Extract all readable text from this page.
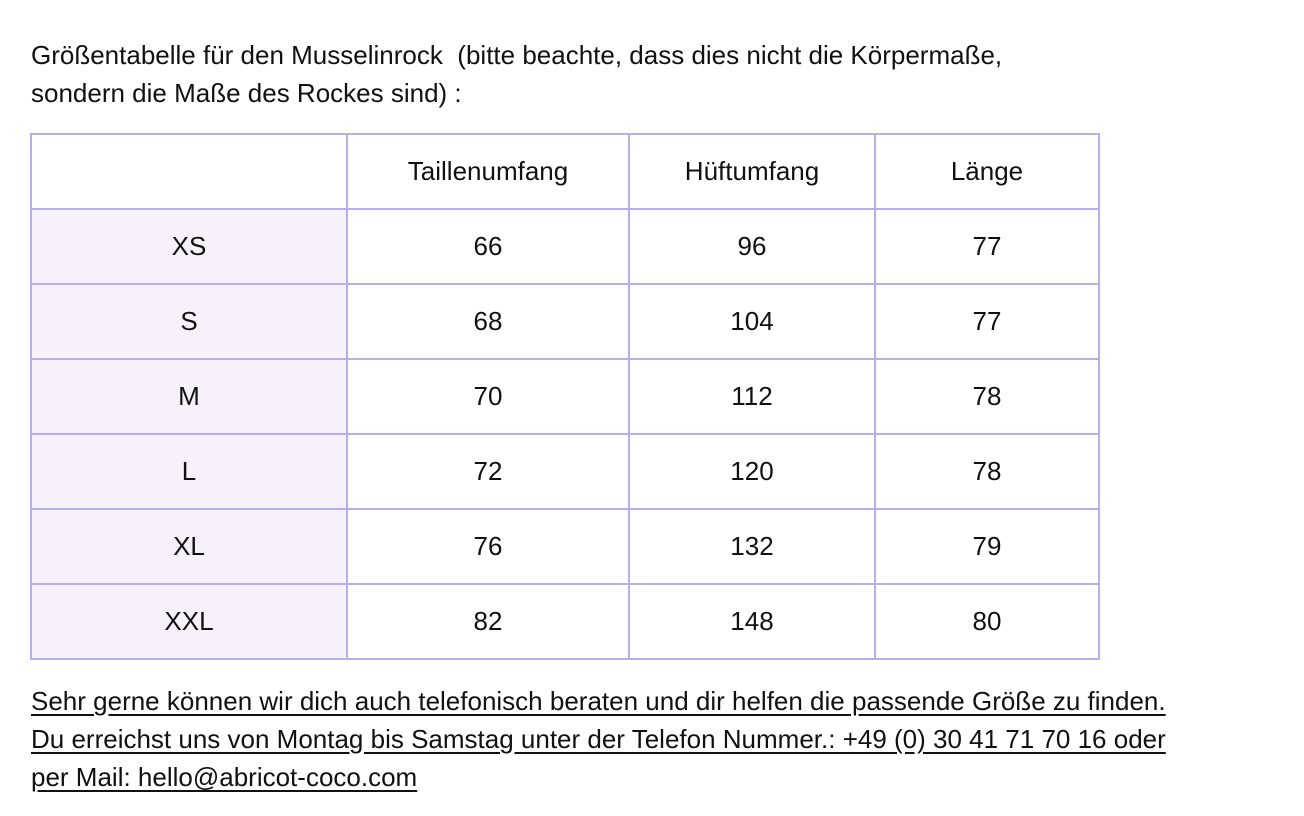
Größentabelle für den Musselinrock  (bitte beachte, dass dies nicht die Körpermaße,
sondern die Maße des Rockes sind) :

	Taillenumfang	Hüftumfang	Länge
XS	66	96	77
S	68	104	77
M	70	112	78
L	72	120	78
XL	76	132	79
XXL	82	148	80

Sehr gerne können wir dich auch telefonisch beraten und dir helfen die passende Größe zu finden.
Du erreichst uns von Montag bis Samstag unter der Telefon Nummer.: +49 (0) 30 41 71 70 16 oder
per Mail: hello@abricot-coco.com
